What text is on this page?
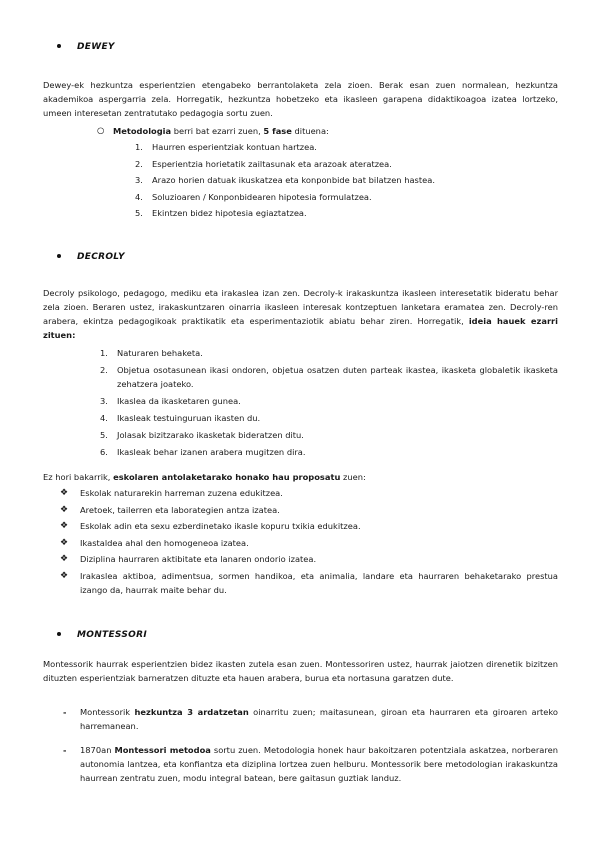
DEWEY

Dewey-ek hezkuntza esperientzien etengabeko berrantolaketa zela zioen. Berak esan zuen normalean, hezkuntza akademikoa aspergarria zela. Horregatik, hezkuntza hobetzeko eta ikasleen garapena didaktikoagoa izatea lortzeko, umeen interesetan zentratutako pedagogia sortu zuen.

○ Metodologia berri bat ezarri zuen, 5 fase dituena:
1. Haurren esperientziak kontuan hartzea.
2. Esperientzia horietatik zailtasunak eta arazoak ateratzea.
3. Arazo horien datuak ikuskatzea eta konponbide bat bilatzen hastea.
4. Soluzioaren / Konponbidearen hipotesia formulatzea.
5. Ekintzen bidez hipotesia egiaztatzea.
DECROLY

Decroly psikologo, pedagogo, mediku eta irakaslea izan zen. Decroly-k irakaskuntza ikasleen interesetatik bideratu behar zela zioen. Beraren ustez, irakaskuntzaren oinarria ikasleen interesak kontzeptuen lanketara eramatea zen. Decroly-ren arabera, ekintza pedagogikoak praktikatik eta esperimentaziotik abiatu behar ziren. Horregatik, ideia hauek ezarri zituen:

1. Naturaren behaketa.
2. Objetua osotasunean ikasi ondoren, objetua osatzen duten parteak ikastea, ikasketa globaletik ikasketa zehatzera joateko.
3. Ikaslea da ikasketaren gunea.
4. Ikasleak testuinguruan ikasten du.
5. Jolasak bizitzarako ikasketak bideratzen ditu.
6. Ikasleak behar izanen arabera mugitzen dira.

Ez hori bakarrik, eskolaren antolaketarako honako hau proposatu zuen:

❖ Eskolak naturarekin harreman zuzena edukitzea.
❖ Aretoek, tailerren eta laborategien antza izatea.
❖ Eskolak adin eta sexu ezberdinetako ikasle kopuru txikia edukitzea.
❖ Ikastaldea ahal den homogeneoa izatea.
❖ Diziplina haurraren aktibitate eta lanaren ondorio izatea.
❖ Irakaslea aktiboa, adimentsua, sormen handikoa, eta animalia, landare eta haurraren behaketarako prestua izango da, haurrak maite behar du.
MONTESSORI

Montessorik haurrak esperientzien bidez ikasten zutela esan zuen. Montessoriren ustez, haurrak jaiotzen direnetik bizitzen dituzten esperientziak barneratzen dituzte eta hauen arabera, burua eta nortasuna garatzen dute.

- Montessorik hezkuntza 3 ardatzetan oinarritu zuen; maitasunean, giroan eta haurraren eta giroaren arteko harremanean.
- 1870an Montessori metodoa sortu zuen. Metodologia honek haur bakoitzaren potentziala askatzea, norberaren autonomia lantzea, eta konfiantza eta diziplina lortzea zuen helburu. Montessorik bere metodologian irakaskuntza haurrean zentratu zuen, modu integral batean, bere gaitasun guztiak landuz.
